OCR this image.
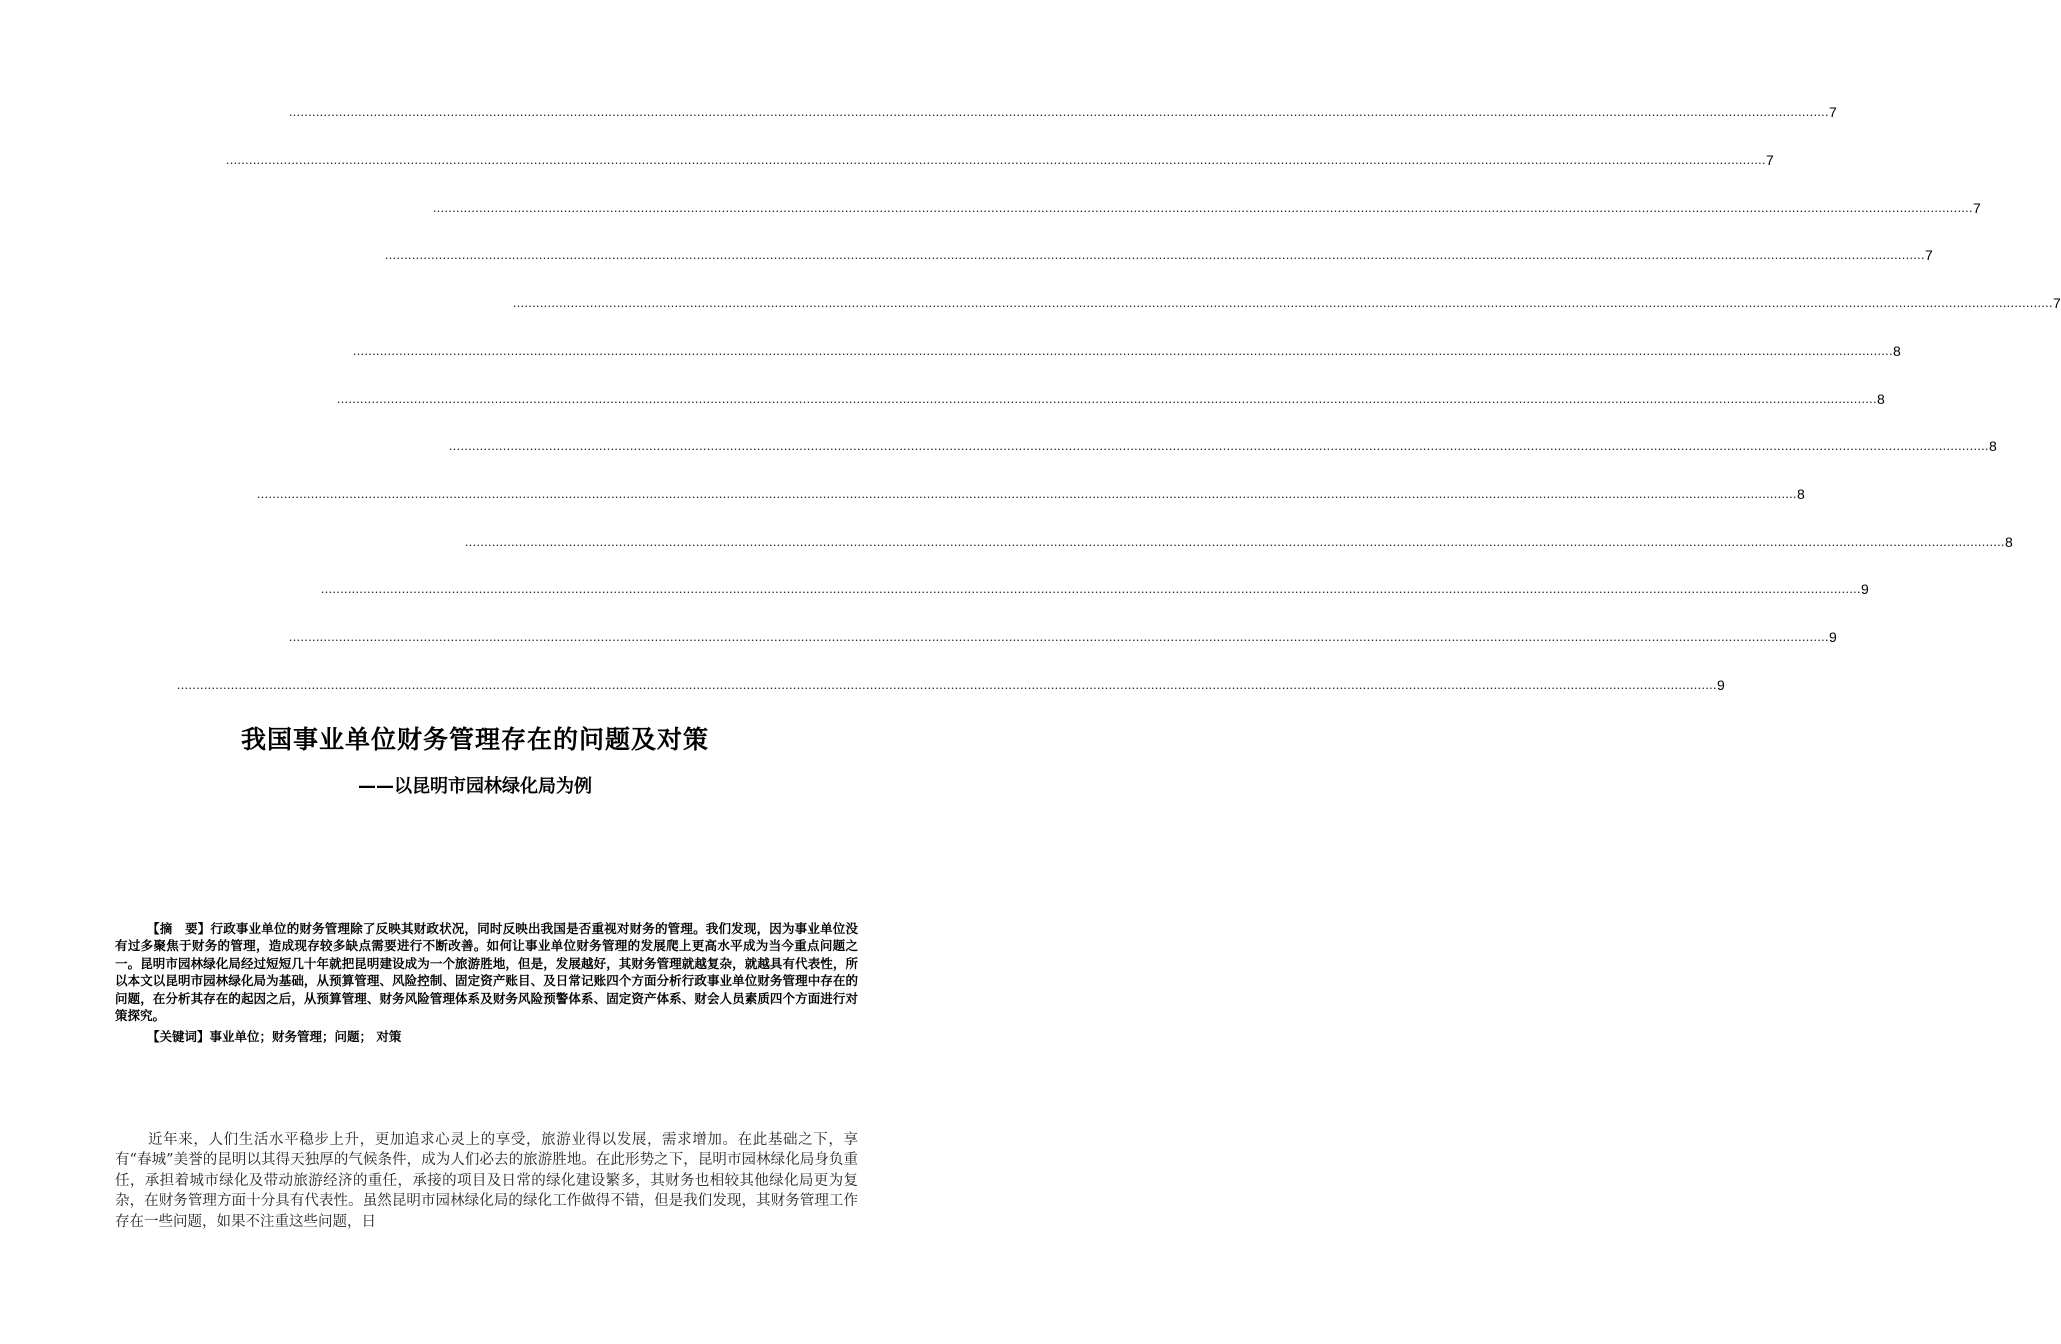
................................................................................................................................................................................................................................................................................................................................................................................................................ 7
................................................................................................................................................................................................................................................................................................................................................................................................................ 7
................................................................................................................................................................................................................................................................................................................................................................................................................ 7
................................................................................................................................................................................................................................................................................................................................................................................................................ 7
................................................................................................................................................................................................................................................................................................................................................................................................................ 7
................................................................................................................................................................................................................................................................................................................................................................................................................ 8
................................................................................................................................................................................................................................................................................................................................................................................................................ 8
................................................................................................................................................................................................................................................................................................................................................................................................................ 8
................................................................................................................................................................................................................................................................................................................................................................................................................ 8
................................................................................................................................................................................................................................................................................................................................................................................................................ 8
................................................................................................................................................................................................................................................................................................................................................................................................................ 9
................................................................................................................................................................................................................................................................................................................................................................................................................ 9
................................................................................................................................................................................................................................................................................................................................................................................................................ 9
我国事业单位财务管理存在的问题及对策
——以昆明市园林绿化局为例
【摘　要】行政事业单位的财务管理除了反映其财政状况，同时反映出我国是否重视对财务的管理。我们发现，因为事业单位没有过多聚焦于财务的管理，造成现存较多缺点需要进行不断改善。如何让事业单位财务管理的发展爬上更高水平成为当今重点问题之一。昆明市园林绿化局经过短短几十年就把昆明建设成为一个旅游胜地，但是，发展越好，其财务管理就越复杂，就越具有代表性，所以本文以昆明市园林绿化局为基础，从预算管理、风险控制、固定资产账目、及日常记账四个方面分析行政事业单位财务管理中存在的问题，在分析其存在的起因之后，从预算管理、财务风险管理体系及财务风险预警体系、固定资产体系、财会人员素质四个方面进行对策探究。
【关键词】事业单位；财务管理；问题； 对策
近年来，人们生活水平稳步上升，更加追求心灵上的享受，旅游业得以发展，需求增加。在此基础之下，享有“春城”美誉的昆明以其得天独厚的气候条件，成为人们必去的旅游胜地。在此形势之下，昆明市园林绿化局身负重任，承担着城市绿化及带动旅游经济的重任，承接的项目及日常的绿化建设繁多，其财务也相较其他绿化局更为复杂，在财务管理方面十分具有代表性。虽然昆明市园林绿化局的绿化工作做得不错，但是我们发现，其财务管理工作存在一些问题，如果不注重这些问题，日
